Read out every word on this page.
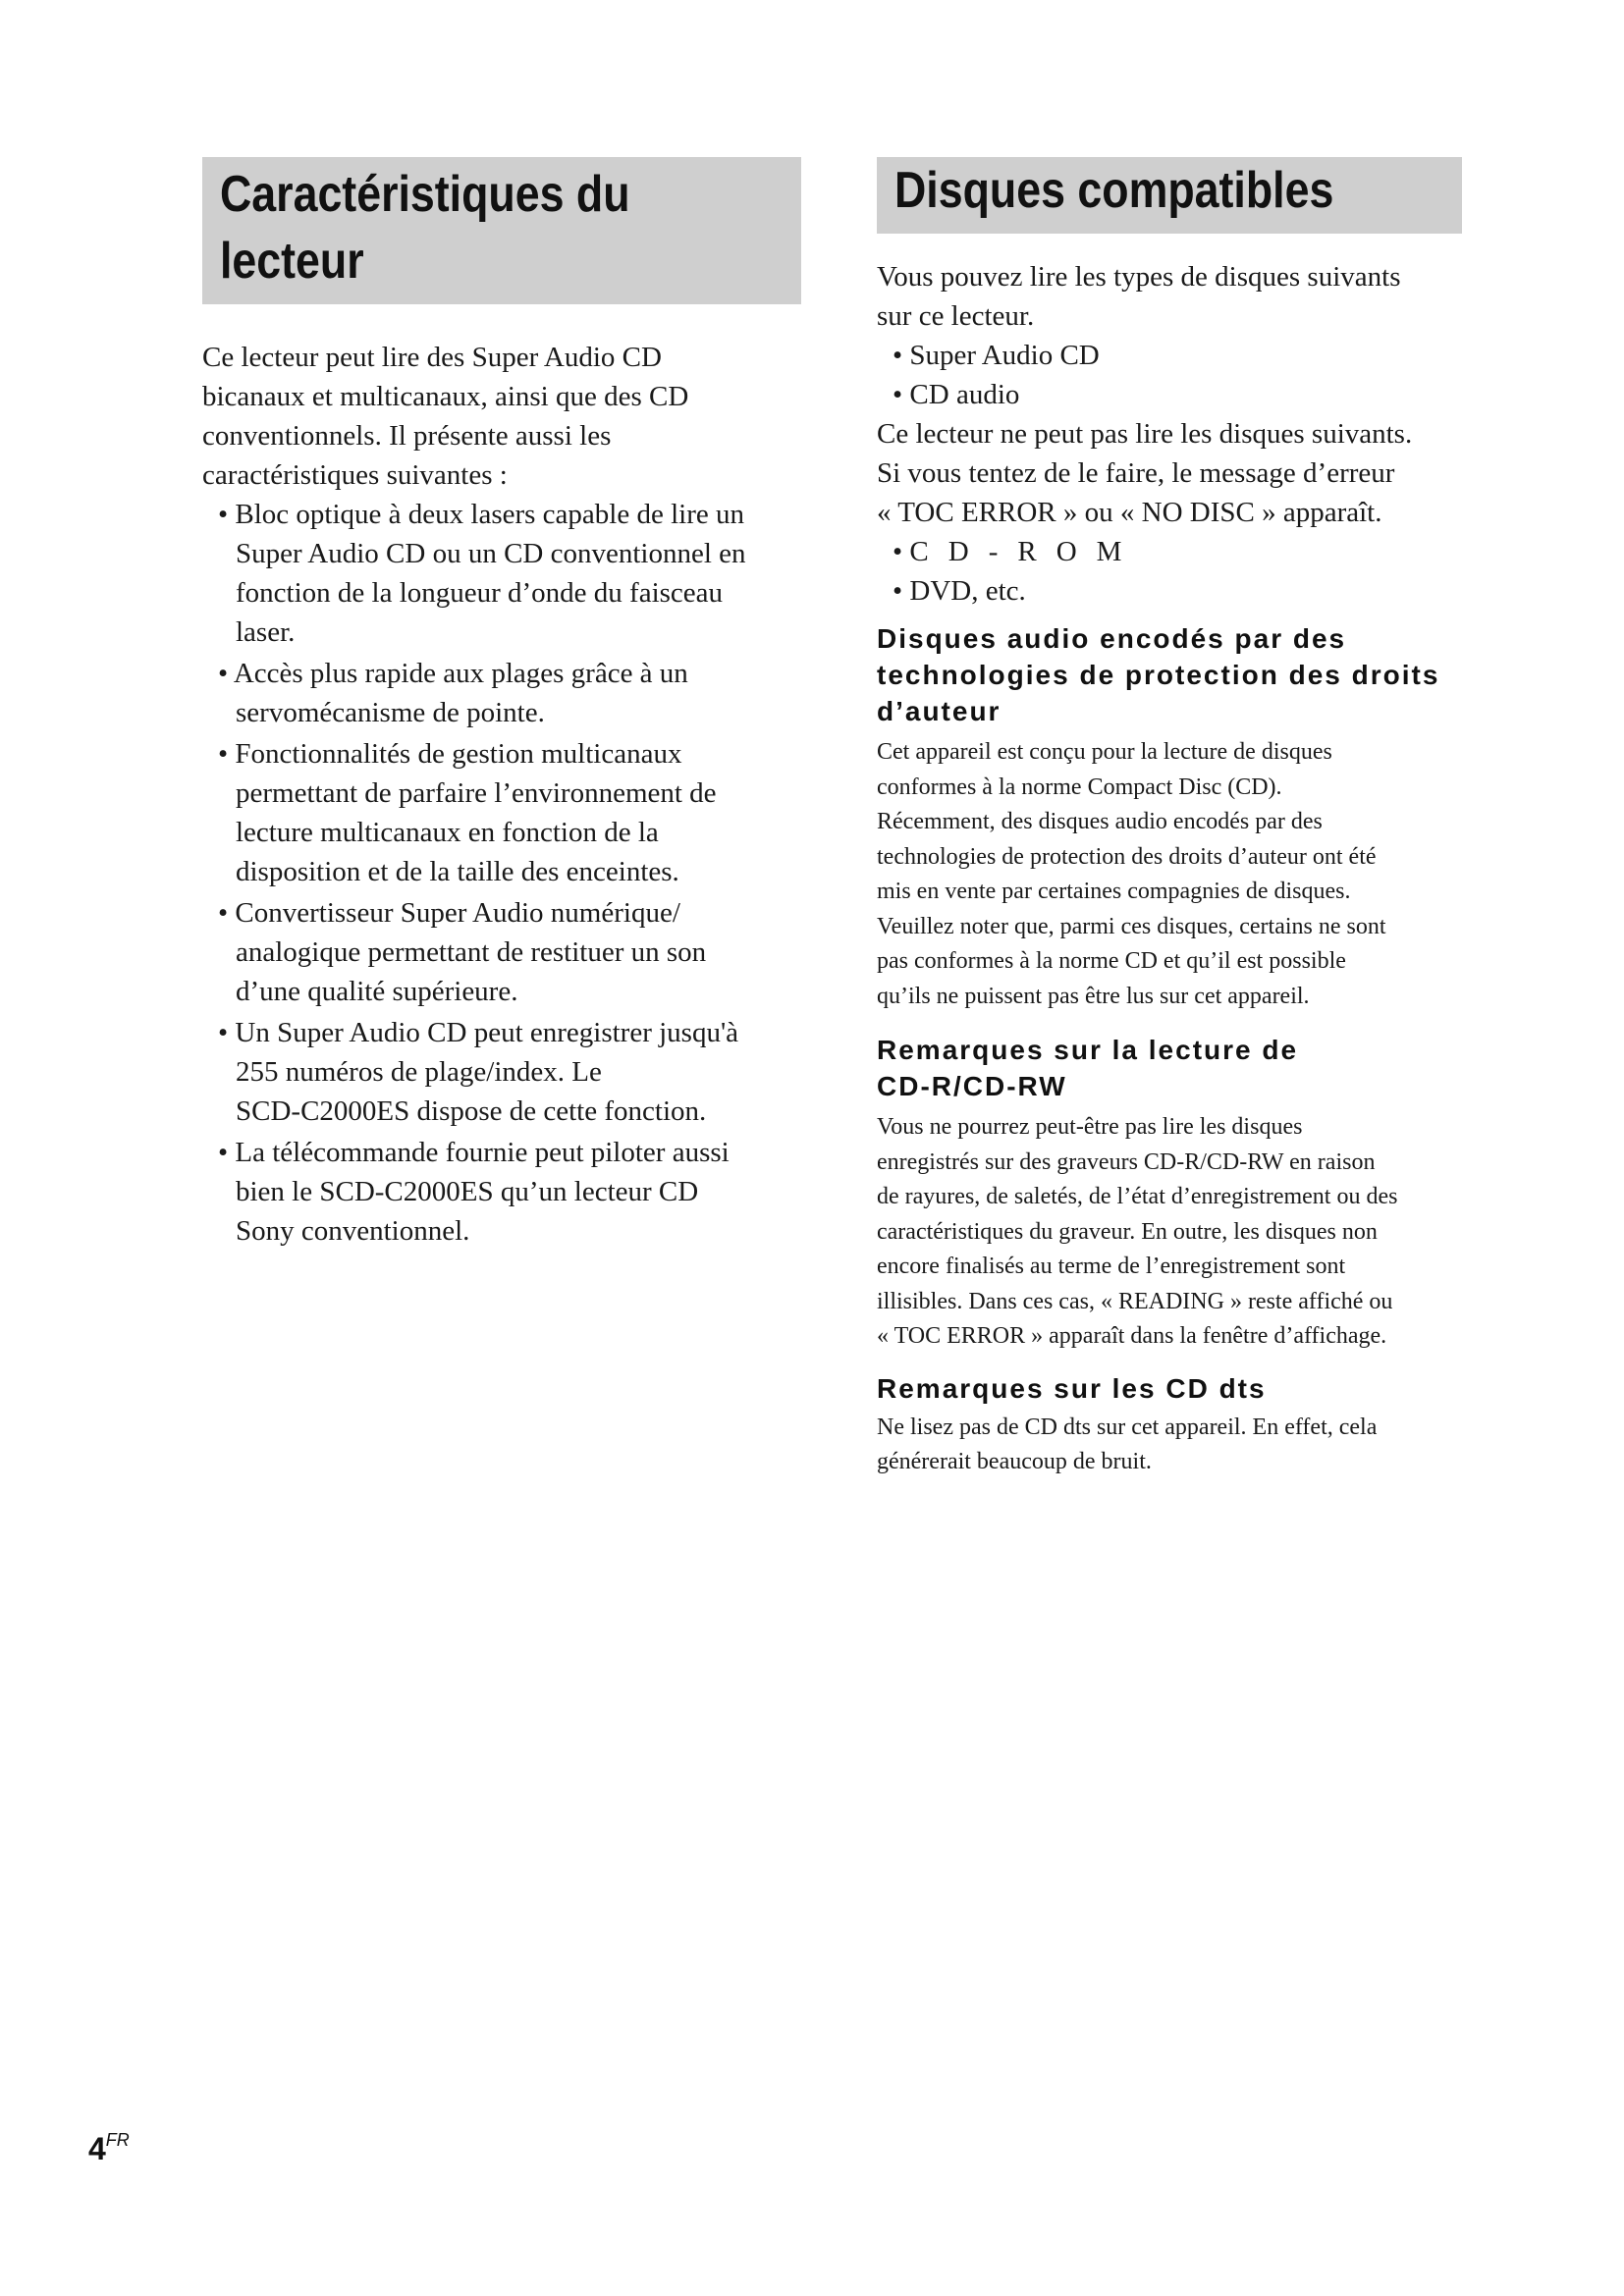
Caractéristiques du
lecteur

Ce lecteur peut lire des Super Audio CD
bicanaux et multicanaux, ainsi que des CD
conventionnels. Il présente aussi les
caractéristiques suivantes :

• Bloc optique à deux lasers capable de lire un
Super Audio CD ou un CD conventionnel en
fonction de la longueur d’onde du faisceau
laser.
• Accès plus rapide aux plages grâce à un
servomécanisme de pointe.
• Fonctionnalités de gestion multicanaux
permettant de parfaire l’environnement de
lecture multicanaux en fonction de la
disposition et de la taille des enceintes.
• Convertisseur Super Audio numérique/
analogique permettant de restituer un son
d’une qualité supérieure.
• Un Super Audio CD peut enregistrer jusqu'à
255 numéros de plage/index. Le
SCD-C2000ES dispose de cette fonction.
• La télécommande fournie peut piloter aussi
bien le SCD-C2000ES qu’un lecteur CD
Sony conventionnel.
Disques compatibles

Vous pouvez lire les types de disques suivants
sur ce lecteur.

• Super Audio CD
• CD audio

Ce lecteur ne peut pas lire les disques suivants.
Si vous tentez de le faire, le message d’erreur
« TOC ERROR » ou « NO DISC » apparaît.

• CD-ROM
• DVD, etc.
Disques audio encodés par des
technologies de protection des droits
d’auteur

Cet appareil est conçu pour la lecture de disques
conformes à la norme Compact Disc (CD).
Récemment, des disques audio encodés par des
technologies de protection des droits d’auteur ont été
mis en vente par certaines compagnies de disques.
Veuillez noter que, parmi ces disques, certains ne sont
pas conformes à la norme CD et qu’il est possible
qu’ils ne puissent pas être lus sur cet appareil.

Remarques sur la lecture de
CD-R/CD-RW

Vous ne pourrez peut-être pas lire les disques
enregistrés sur des graveurs CD-R/CD-RW en raison
de rayures, de saletés, de l’état d’enregistrement ou des
caractéristiques du graveur. En outre, les disques non
encore finalisés au terme de l’enregistrement sont
illisibles. Dans ces cas, « READING » reste affiché ou
« TOC ERROR » apparaît dans la fenêtre d’affichage.

Remarques sur les CD dts

Ne lisez pas de CD dts sur cet appareil. En effet, cela
générerait beaucoup de bruit.

$4^{FR}$
